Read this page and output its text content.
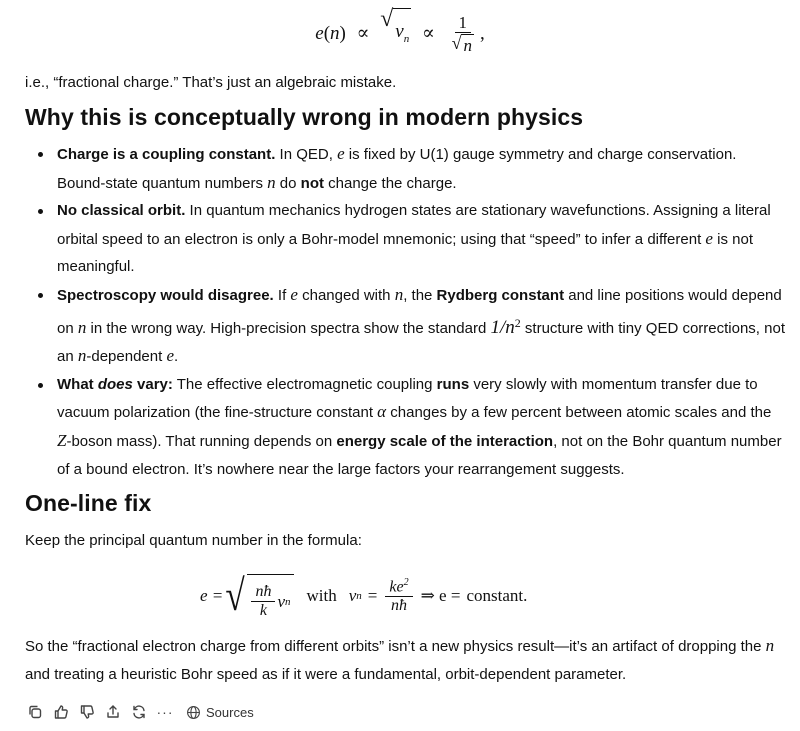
e(n) ∝
√ $v_n \propto \frac{1}{√ n}$ ,
i.e., “fractional charge.” That’s just an algebraic mistake.
Why this is conceptually wrong in modern physics
Charge is a coupling constant. In QED, e is fixed by U(1) gauge symmetry and charge conservation. Bound-state quantum numbers n do not change the charge.
No classical orbit. In quantum mechanics hydrogen states are stationary wavefunctions. Assigning a literal orbital speed to an electron is only a Bohr-model mnemonic; using that “speed” to infer a different e is not meaningful.
Spectroscopy would disagree. If e changed with n, the Rydberg constant and line positions would depend on n in the wrong way. High-precision spectra show the standard $1/n^2$ structure with tiny QED corrections, not an n-dependent e.
What does vary: The effective electromagnetic coupling runs very slowly with momentum transfer due to vacuum polarization (the fine-structure constant α changes by a few percent between atomic scales and the Z-boson mass). That running depends on energy scale of the interaction, not on the Bohr quantum number of a bound electron. It’s nowhere near the large factors your rearrangement suggests.
One-line fix
Keep the principal quantum number in the formula:
e = √ $\frac{nħ}{k}$ v n with v $n = \frac{ke^2}{nħ}$ ⇒ e = constant.
So the “fractional electron charge from different orbits” isn’t a new physics result—it’s an artifact of dropping the n and treating a heuristic Bohr speed as if it were a fundamental, orbit-dependent parameter.
···	Sources
